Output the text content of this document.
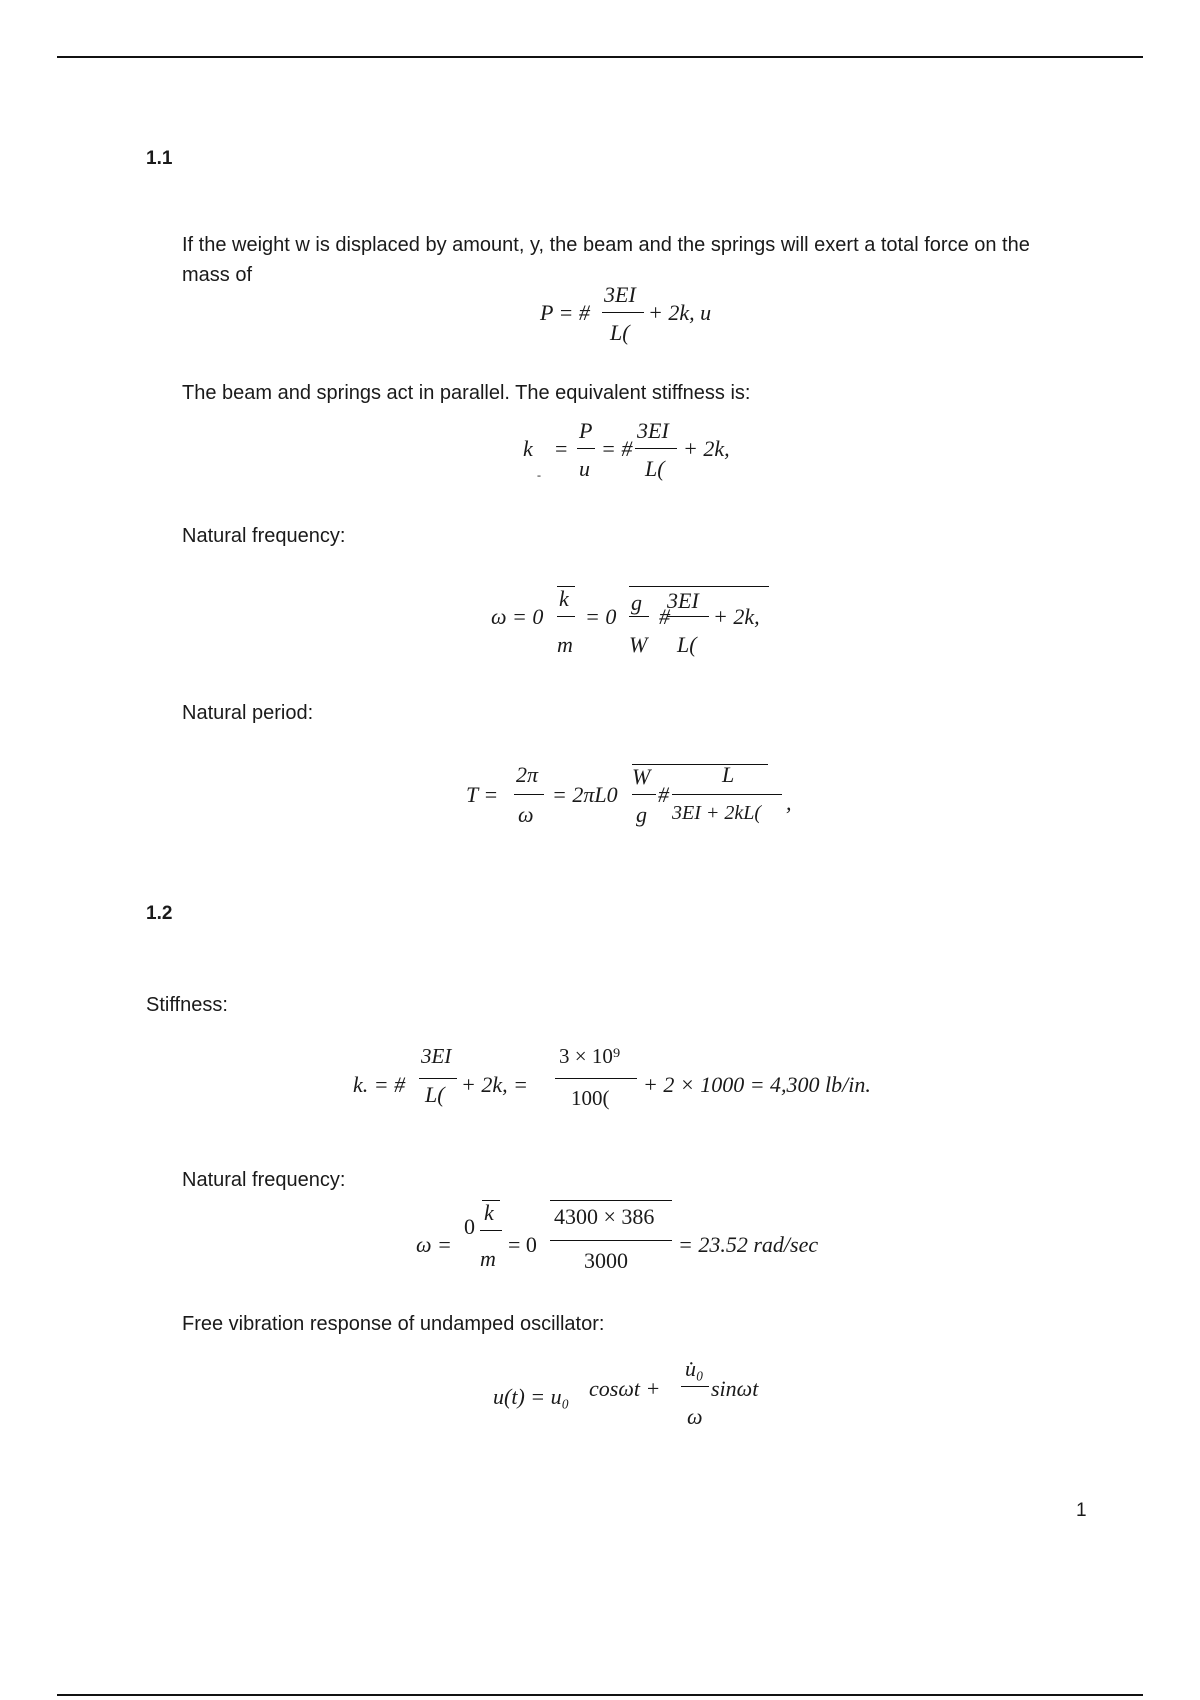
1.1
If the weight w is displaced by amount, y, the beam and the springs will exert a total force on the mass of
P = #
3EI
L(
+ 2k, u
The beam and springs act in parallel. The equivalent stiffness is:
k
-
=
P
u
= #
3EI
L(
+ 2k,
Natural frequency:
ω = 0
k
m
= 0
g
W
#
3EI
L(
+ 2k,
Natural period:
T =
2π
ω
= 2πL0
W
g
#
L
3EI + 2kL( ,
1.2
Stiffness:
k. = #
3EI
L( + 2k, =
3 × 10⁹
100(
+ 2 × 1000 = 4,300 lb/in.
Natural frequency:
ω =
0
k
m
= 0
4300 × 386
3000
= 23.52 rad/sec
Free vibration response of undamped oscillator:
u(t) = u₀ cosωt +
u̇₀
ω
sinωt
1
